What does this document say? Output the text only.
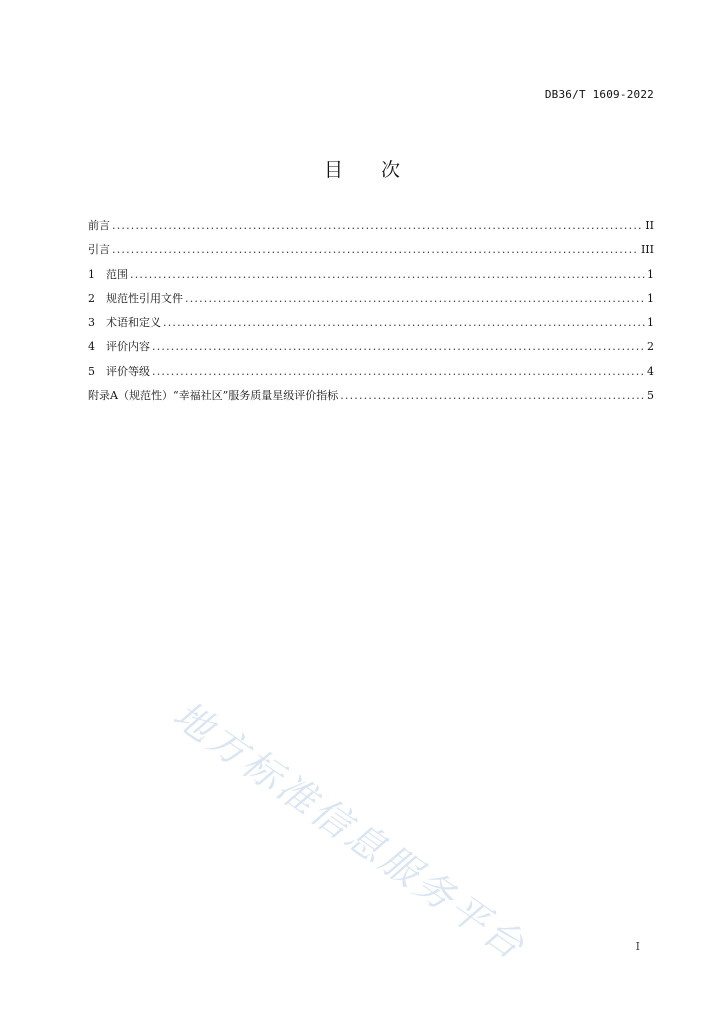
DB36/T 1609-2022
目 次
前言 .....	II
引言 .....	III
1	范围 .....	1
2	规范性引用文件 .....	1
3	术语和定义 .....	1
4	评价内容 .....	2
5	评价等级 .....	4
附录A（规范性）“幸福社区”服务质量星级评价指标 .....	5
地方标准信息服务平台	I
